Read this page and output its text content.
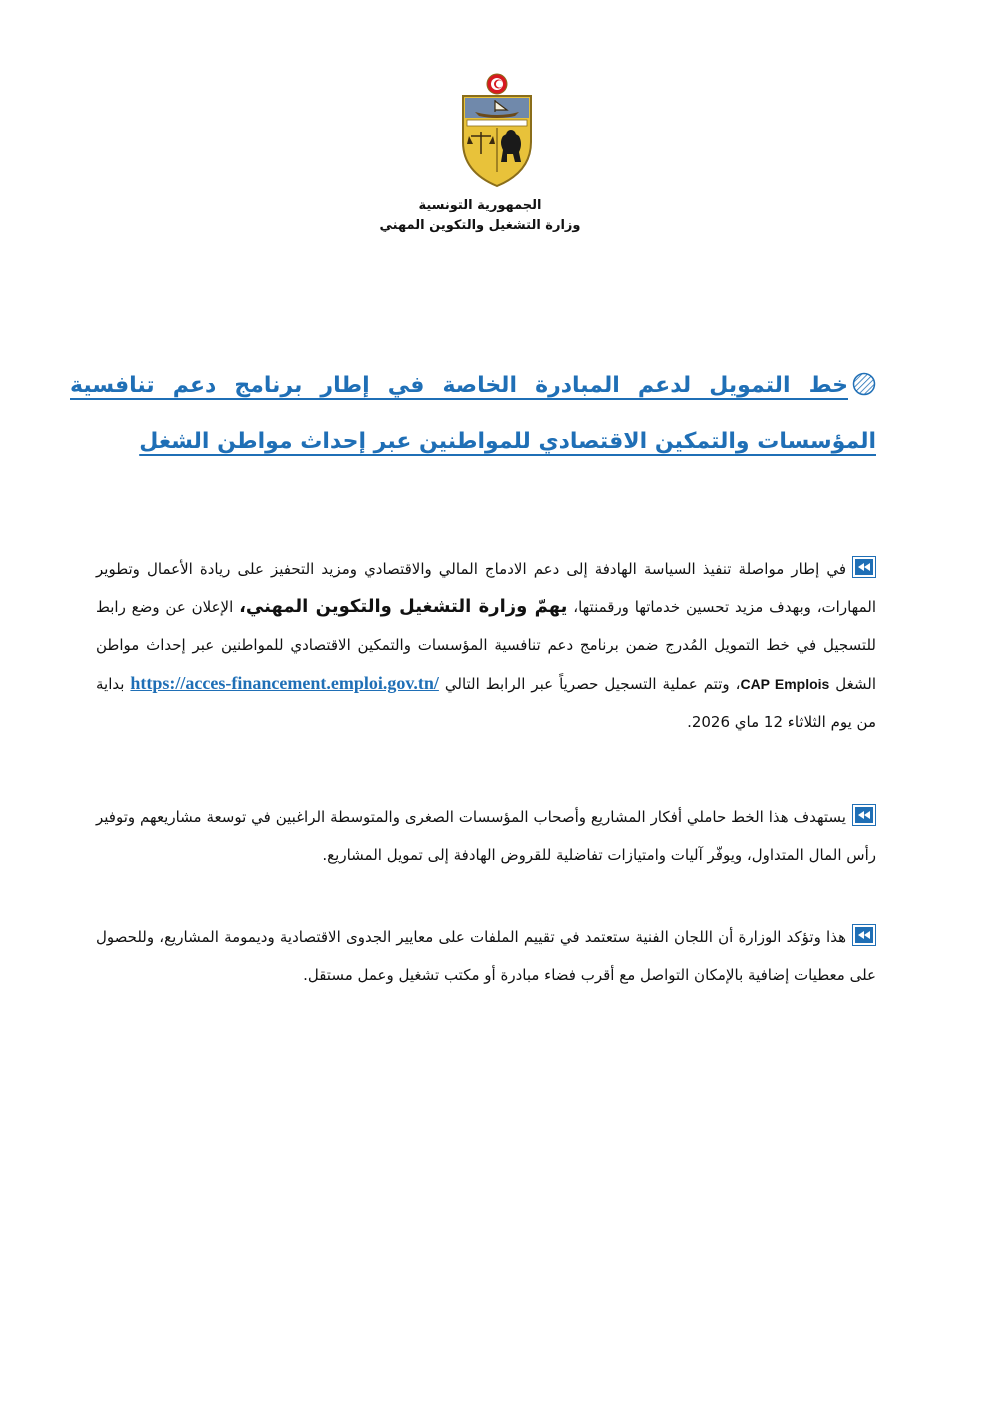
الجمهورية التونسية
وزارة التشغيل والتكوين المهني
خط التمويل لدعم المبادرة الخاصة في إطار برنامج دعم تنافسية المؤسسات والتمكين الاقتصادي للمواطنين عبر إحداث مواطن الشغل
في إطار مواصلة تنفيذ السياسة الهادفة إلى دعم الادماج المالي والاقتصادي ومزيد التحفيز على ريادة الأعمال وتطوير المهارات، وبهدف مزيد تحسين خدماتها ورقمنتها، يهمّ وزارة التشغيل والتكوين المهني، الإعلان عن وضع رابط للتسجيل في خط التمويل المُدرج ضمن برنامج دعم تنافسية المؤسسات والتمكين الاقتصادي للمواطنين عبر إحداث مواطن الشغل CAP Emplois، وتتم عملية التسجيل حصرياً عبر الرابط التالي https://acces-financement.emploi.gov.tn/ بداية من يوم الثلاثاء 12 ماي 2026.
يستهدف هذا الخط حاملي أفكار المشاريع وأصحاب المؤسسات الصغرى والمتوسطة الراغبين في توسعة مشاريعهم وتوفير رأس المال المتداول، ويوفّر آليات وامتيازات تفاضلية للقروض الهادفة إلى تمويل المشاريع.
هذا وتؤكد الوزارة أن اللجان الفنية ستعتمد في تقييم الملفات على معايير الجدوى الاقتصادية وديمومة المشاريع، وللحصول على معطيات إضافية بالإمكان التواصل مع أقرب فضاء مبادرة أو مكتب تشغيل وعمل مستقل.
